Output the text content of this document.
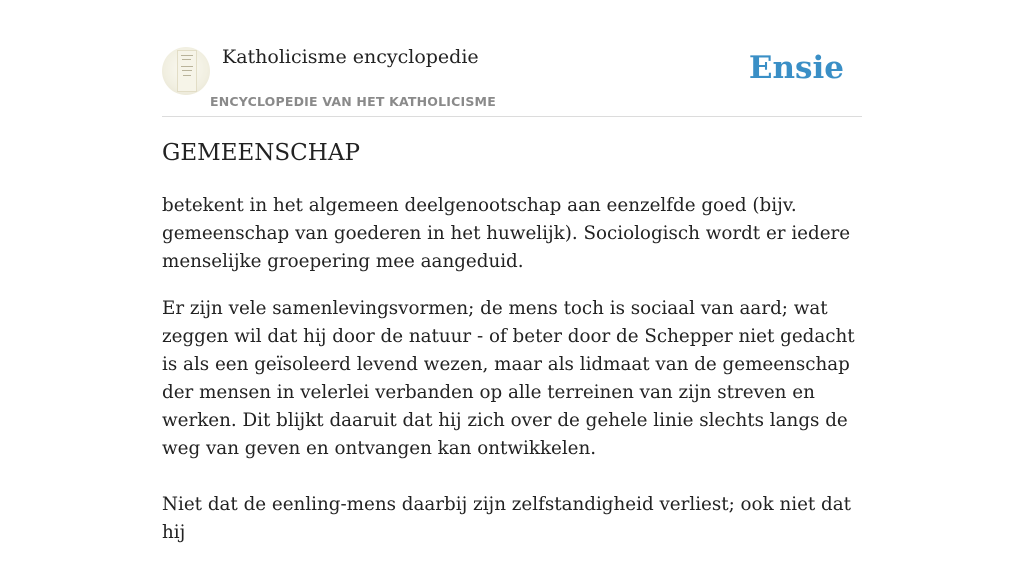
Katholicisme encyclopedie
ENCYCLOPEDIE VAN HET KATHOLICISME
Ensie
GEMEENSCHAP

betekent in het algemeen deelgenootschap aan eenzelfde goed (bijv. gemeenschap van goederen in het huwelijk). Sociologisch wordt er iedere menselijke groepering mee aangeduid.

Er zijn vele samenlevingsvormen; de mens toch is sociaal van aard; wat zeggen wil dat hij door de natuur - of beter door de Schepper niet gedacht is als een geïsoleerd levend wezen, maar als lidmaat van de gemeenschap der mensen in velerlei verbanden op alle terreinen van zijn streven en werken. Dit blijkt daaruit dat hij zich over de gehele linie slechts langs de weg van geven en ontvangen kan ontwikkelen.

Niet dat de eenling-mens daarbij zijn zelfstandigheid verliest; ook niet dat hij
